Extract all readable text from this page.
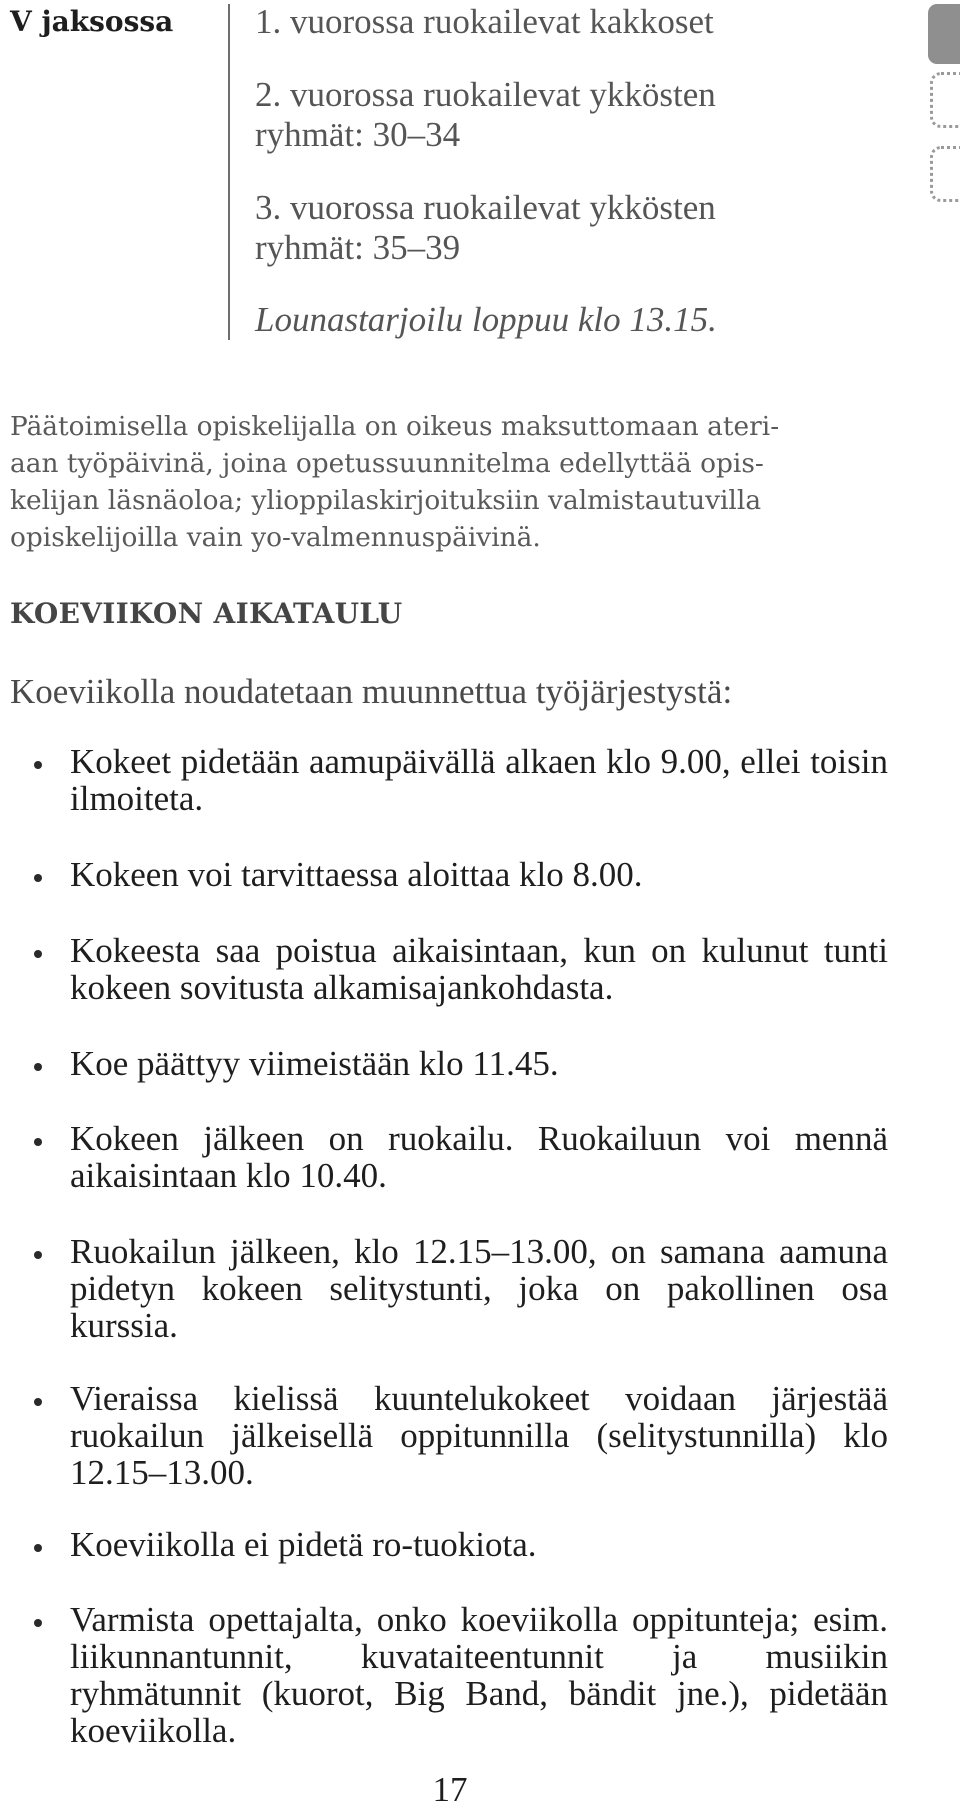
V jaksossa 1. vuorossa ruokailevat kakkoset
2. vuorossa ruokailevat ykkösten
ryhmät: 30–34
3. vuorossa ruokailevat ykkösten
ryhmät: 35–39
Lounastarjoilu loppuu klo 13.15.
Päätoimisella opiskelijalla on oikeus maksuttomaan ateri-
aan työpäivinä, joina opetussuunnitelma edellyttää opis-
kelijan läsnäoloa; ylioppilaskirjoituksiin valmistautuvilla
opiskelijoilla vain yo-valmennuspäivinä.
KOEVIIKON AIKATAULU

Koeviikolla noudatetaan muunnettua työjärjestystä:

Kokeet pidetään aamupäivällä alkaen klo 9.00, ellei toisin ilmoiteta.
Kokeen voi tarvittaessa aloittaa klo 8.00.
Kokeesta saa poistua aikaisintaan, kun on kulunut tunti kokeen sovitusta alkamisajankohdasta.
Koe päättyy viimeistään klo 11.45.
Kokeen jälkeen on ruokailu. Ruokailuun voi mennä aikaisintaan klo 10.40.
Ruokailun jälkeen, klo 12.15–13.00, on samana aamuna pidetyn kokeen selitystunti, joka on pakollinen osa kurssia.
Vieraissa kielissä kuuntelukokeet voidaan järjestää ruokailun jälkeisellä oppitunnilla (selitystunnilla) klo 12.15–13.00.
Koeviikolla ei pidetä ro-tuokiota.
Varmista opettajalta, onko koeviikolla oppitunteja; esim. liikunnantunnit, kuvataiteentunnit ja musiikin ryhmätunnit (kuorot, Big Band, bändit jne.), pidetään koeviikolla.
17
